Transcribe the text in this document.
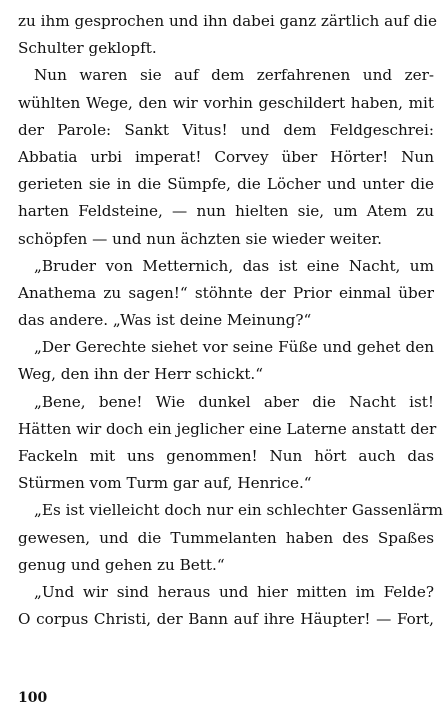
zu ihm gesprochen und ihn dabei ganz zärtlich auf die
Schulter geklopft.
Nun waren sie auf dem zerfahrenen und zer-
wühlten Wege, den wir vorhin geschildert haben, mit
der Parole: Sankt Vitus! und dem Feldgeschrei:
Abbatia urbi imperat! Corvey über Hörter! Nun
gerieten sie in die Sümpfe, die Löcher und unter die
harten Feldsteine, — nun hielten sie, um Atem zu
schöpfen — und nun ächzten sie wieder weiter.
„Bruder von Metternich, das ist eine Nacht, um
Anathema zu sagen!“ stöhnte der Prior einmal über
das andere. „Was ist deine Meinung?“
„Der Gerechte siehet vor seine Füße und gehet den
Weg, den ihn der Herr schickt.“
„Bene, bene! Wie dunkel aber die Nacht ist!
Hätten wir doch ein jeglicher eine Laterne anstatt der
Fackeln mit uns genommen! Nun hört auch das
Stürmen vom Turm gar auf, Henrice.“
„Es ist vielleicht doch nur ein schlechter Gassenlärm
gewesen, und die Tummelanten haben des Spaßes
genug und gehen zu Bett.“
„Und wir sind heraus und hier mitten im Felde?
O corpus Christi, der Bann auf ihre Häupter! — Fort,
100
